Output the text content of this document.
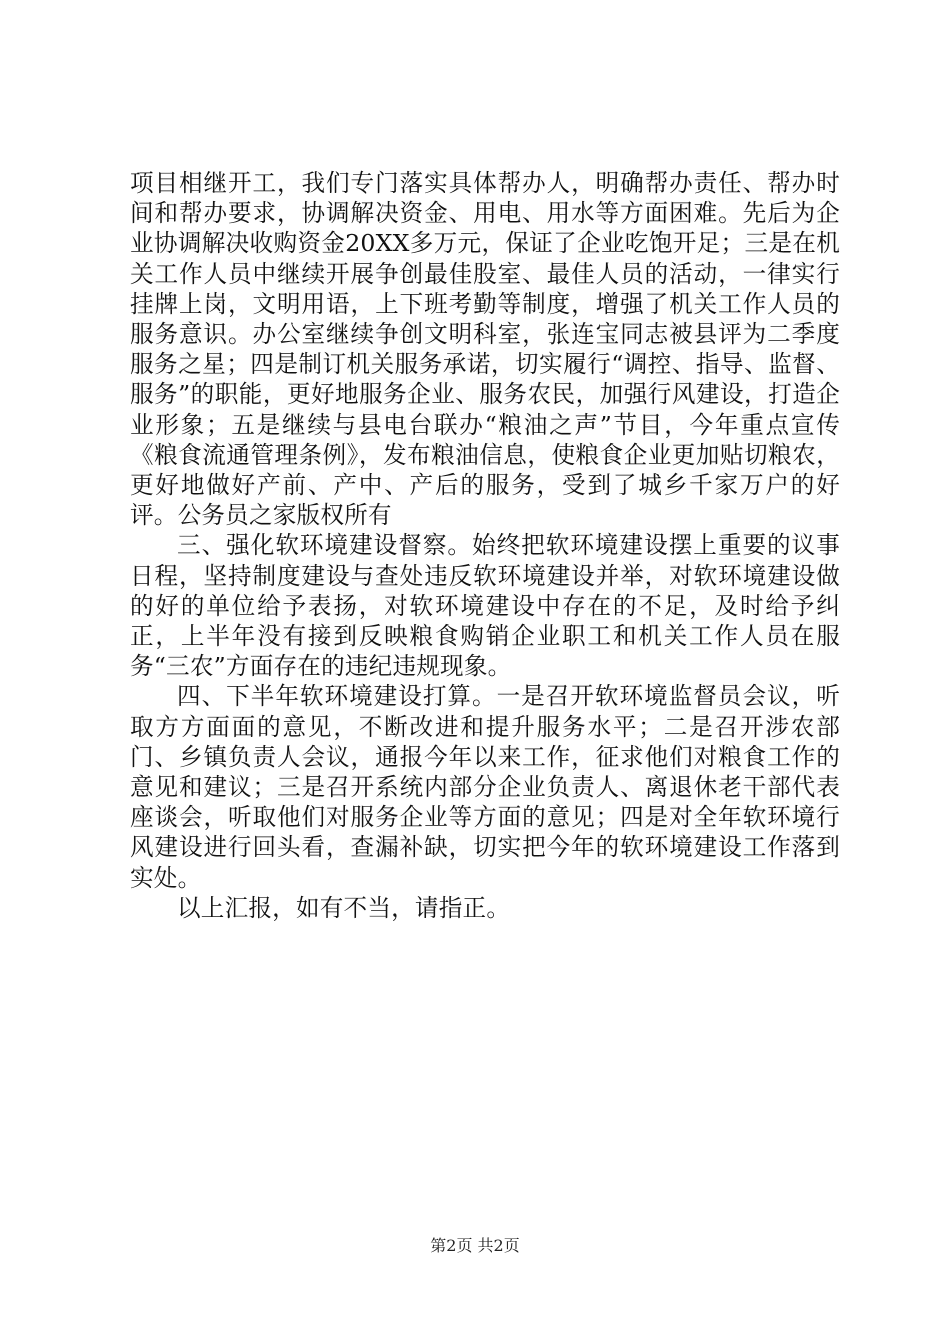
项目相继开工，我们专门落实具体帮办人，明确帮办责任、帮办时间和帮办要求，协调解决资金、用电、用水等方面困难。先后为企业协调解决收购资金20XX多万元，保证了企业吃饱开足；三是在机关工作人员中继续开展争创最佳股室、最佳人员的活动，一律实行挂牌上岗，文明用语，上下班考勤等制度，增强了机关工作人员的服务意识。办公室继续争创文明科室，张连宝同志被县评为二季度服务之星；四是制订机关服务承诺，切实履行“调控、指导、监督、服务”的职能，更好地服务企业、服务农民，加强行风建设，打造企业形象；五是继续与县电台联办“粮油之声”节目，今年重点宣传《粮食流通管理条例》，发布粮油信息，使粮食企业更加贴切粮农，更好地做好产前、产中、产后的服务，受到了城乡千家万户的好评。公务员之家版权所有

三、强化软环境建设督察。始终把软环境建设摆上重要的议事日程，坚持制度建设与查处违反软环境建设并举，对软环境建设做的好的单位给予表扬，对软环境建设中存在的不足，及时给予纠正，上半年没有接到反映粮食购销企业职工和机关工作人员在服务“三农”方面存在的违纪违规现象。

四、下半年软环境建设打算。一是召开软环境监督员会议，听取方方面面的意见，不断改进和提升服务水平；二是召开涉农部门、乡镇负责人会议，通报今年以来工作，征求他们对粮食工作的意见和建议；三是召开系统内部分企业负责人、离退休老干部代表座谈会，听取他们对服务企业等方面的意见；四是对全年软环境行风建设进行回头看，查漏补缺，切实把今年的软环境建设工作落到实处。

以上汇报，如有不当，请指正。

第2页 共2页
